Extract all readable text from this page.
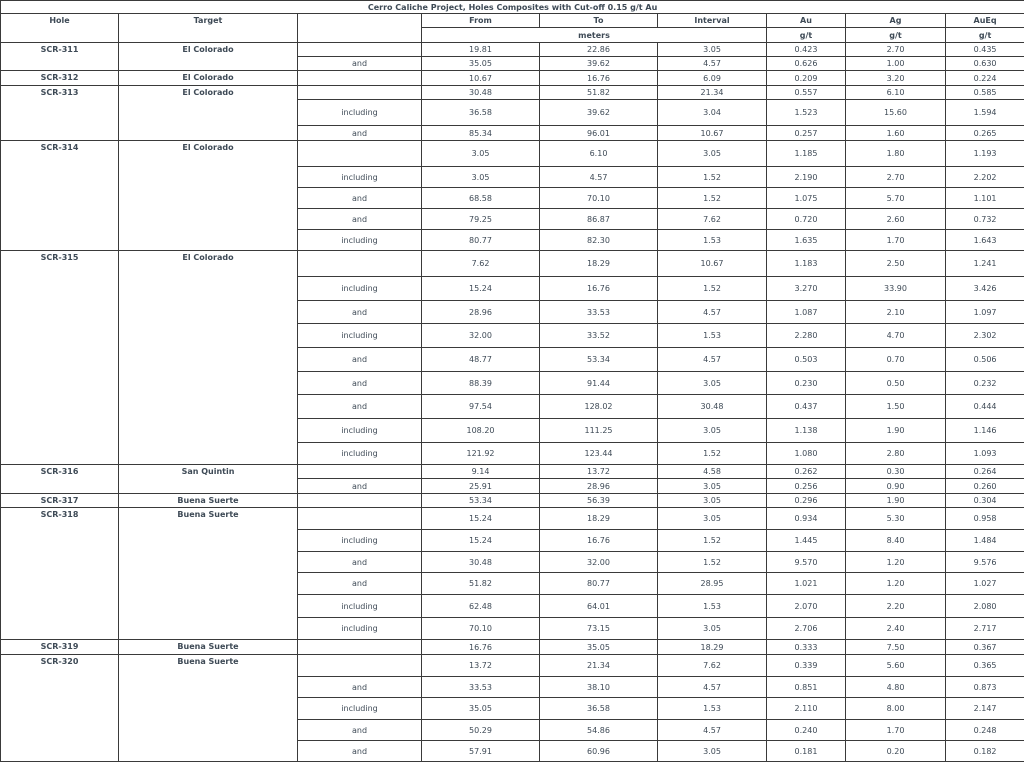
Cerro Caliche Project, Holes Composites with Cut-off 0.15 g/t Au								
Hole	Target		From	To	Interval	Au	Ag	AuEq
			meters			g/t	g/t	g/t
SCR-311	El Colorado		19.81	22.86	3.05	0.423	2.70	0.435
		and	35.05	39.62	4.57	0.626	1.00	0.630
SCR-312	El Colorado		10.67	16.76	6.09	0.209	3.20	0.224
SCR-313	El Colorado		30.48	51.82	21.34	0.557	6.10	0.585
		including	36.58	39.62	3.04	1.523	15.60	1.594
		and	85.34	96.01	10.67	0.257	1.60	0.265
SCR-314	El Colorado		3.05	6.10	3.05	1.185	1.80	1.193
		including	3.05	4.57	1.52	2.190	2.70	2.202
		and	68.58	70.10	1.52	1.075	5.70	1.101
		and	79.25	86.87	7.62	0.720	2.60	0.732
		including	80.77	82.30	1.53	1.635	1.70	1.643
SCR-315	El Colorado		7.62	18.29	10.67	1.183	2.50	1.241
		including	15.24	16.76	1.52	3.270	33.90	3.426
		and	28.96	33.53	4.57	1.087	2.10	1.097
		including	32.00	33.52	1.53	2.280	4.70	2.302
		and	48.77	53.34	4.57	0.503	0.70	0.506
		and	88.39	91.44	3.05	0.230	0.50	0.232
		and	97.54	128.02	30.48	0.437	1.50	0.444
		including	108.20	111.25	3.05	1.138	1.90	1.146
		including	121.92	123.44	1.52	1.080	2.80	1.093
SCR-316	San Quintin		9.14	13.72	4.58	0.262	0.30	0.264
		and	25.91	28.96	3.05	0.256	0.90	0.260
SCR-317	Buena Suerte		53.34	56.39	3.05	0.296	1.90	0.304
SCR-318	Buena Suerte		15.24	18.29	3.05	0.934	5.30	0.958
		including	15.24	16.76	1.52	1.445	8.40	1.484
		and	30.48	32.00	1.52	9.570	1.20	9.576
		and	51.82	80.77	28.95	1.021	1.20	1.027
		including	62.48	64.01	1.53	2.070	2.20	2.080
		including	70.10	73.15	3.05	2.706	2.40	2.717
SCR-319	Buena Suerte		16.76	35.05	18.29	0.333	7.50	0.367
SCR-320	Buena Suerte		13.72	21.34	7.62	0.339	5.60	0.365
		and	33.53	38.10	4.57	0.851	4.80	0.873
		including	35.05	36.58	1.53	2.110	8.00	2.147
		and	50.29	54.86	4.57	0.240	1.70	0.248
		and	57.91	60.96	3.05	0.181	0.20	0.182
